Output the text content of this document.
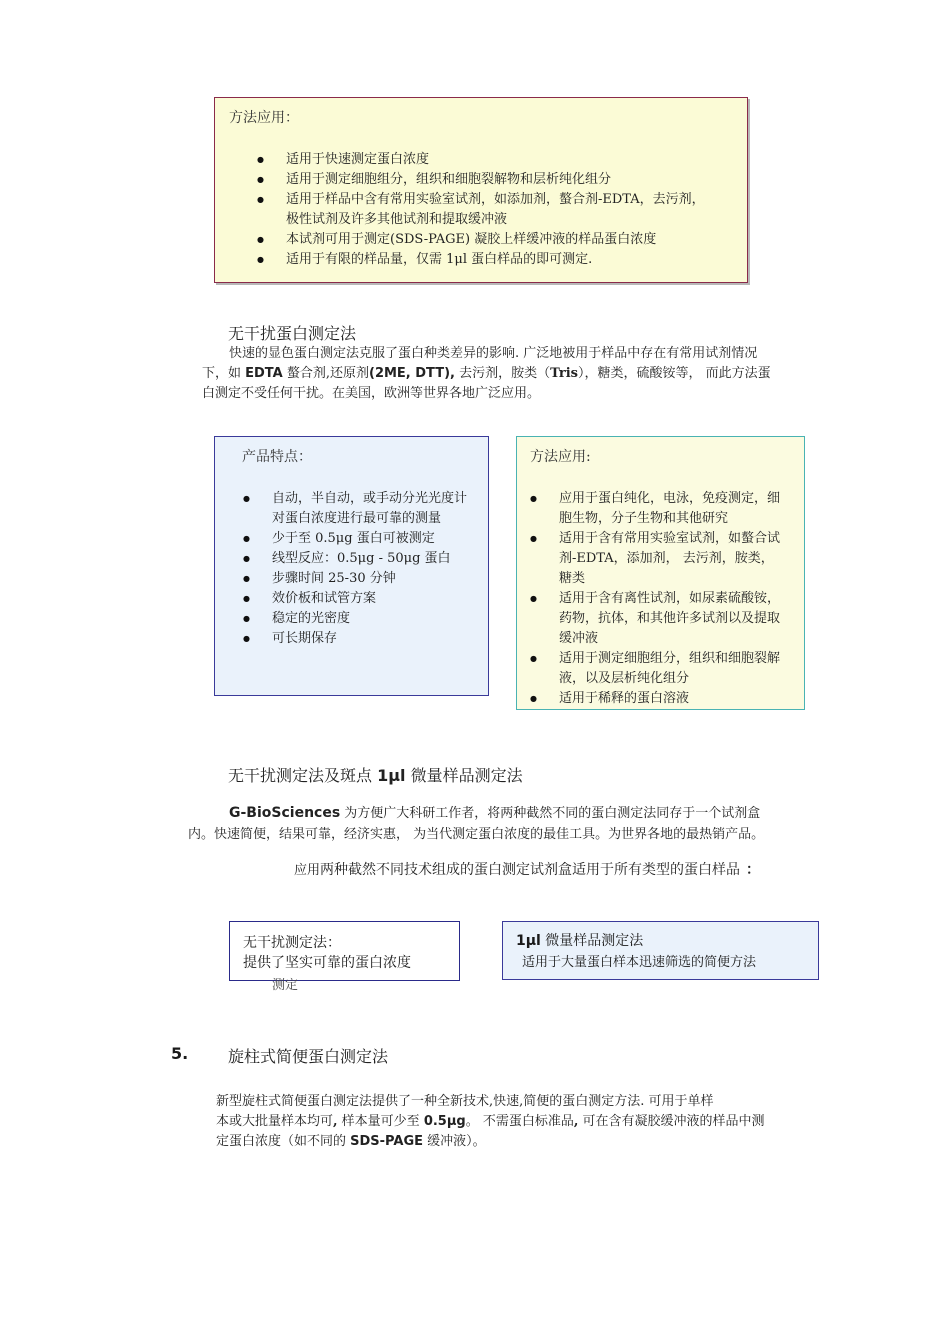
方法应用：
● 适用于快速测定蛋白浓度
● 适用于测定细胞组分，组织和细胞裂解物和层析纯化组分
● 适用于样品中含有常用实验室试剂，如添加剂，螯合剂-EDTA，去污剂，极性试剂及许多其他试剂和提取缓冲液
● 本试剂可用于测定(SDS-PAGE) 凝胶上样缓冲液的样品蛋白浓度
● 适用于有限的样品量，仅需 1μl 蛋白样品的即可测定.
无干扰蛋白测定法
快速的显色蛋白测定法克服了蛋白种类差异的影响. 广泛地被用于样品中存在有常用试剂情况
下，如 EDTA 螯合剂,还原剂(2ME, DTT), 去污剂，胺类（Tris），糖类，硫酸铵等， 而此方法蛋
白测定不受任何干扰。在美国，欧洲等世界各地广泛应用。
产品特点：
● 自动，半自动，或手动分光光度计对蛋白浓度进行最可靠的测量
● 少于至 0.5μg 蛋白可被测定
● 线型反应：0.5μg - 50μg 蛋白
● 步骤时间 25-30 分钟
● 效价板和试管方案
● 稳定的光密度
● 可长期保存
方法应用:
● 应用于蛋白纯化，电泳，免疫测定，细胞生物，分子生物和其他研究
● 适用于含有常用实验室试剂，如螯合试剂-EDTA，添加剂， 去污剂，胺类，糖类
● 适用于含有离性试剂，如尿素硫酸铵，药物，抗体，和其他许多试剂以及提取缓冲液
● 适用于测定细胞组分，组织和细胞裂解液，以及层析纯化组分
● 适用于稀释的蛋白溶液
无干扰测定法及斑点 1μl 微量样品测定法
G-BioSciences 为方便广大科研工作者，将两种截然不同的蛋白测定法同存于一个试剂盒
内。快速简便，结果可靠，经济实惠， 为当代测定蛋白浓度的最佳工具。为世界各地的最热销产品。
应用两种截然不同技术组成的蛋白测定试剂盒适用于所有类型的蛋白样品 ：
无干扰测定法：
提供了坚实可靠的蛋白浓度
测定
1μl 微量样品测定法
适用于大量蛋白样本迅速筛选的简便方法
5. 旋柱式简便蛋白测定法
新型旋柱式简便蛋白测定法提供了一种全新技术,快速,简便的蛋白测定方法. 可用于单样
本或大批量样本均可, 样本量可少至 0.5μg。 不需蛋白标准品, 可在含有凝胶缓冲液的样品中测
定蛋白浓度（如不同的 SDS-PAGE 缓冲液）。
